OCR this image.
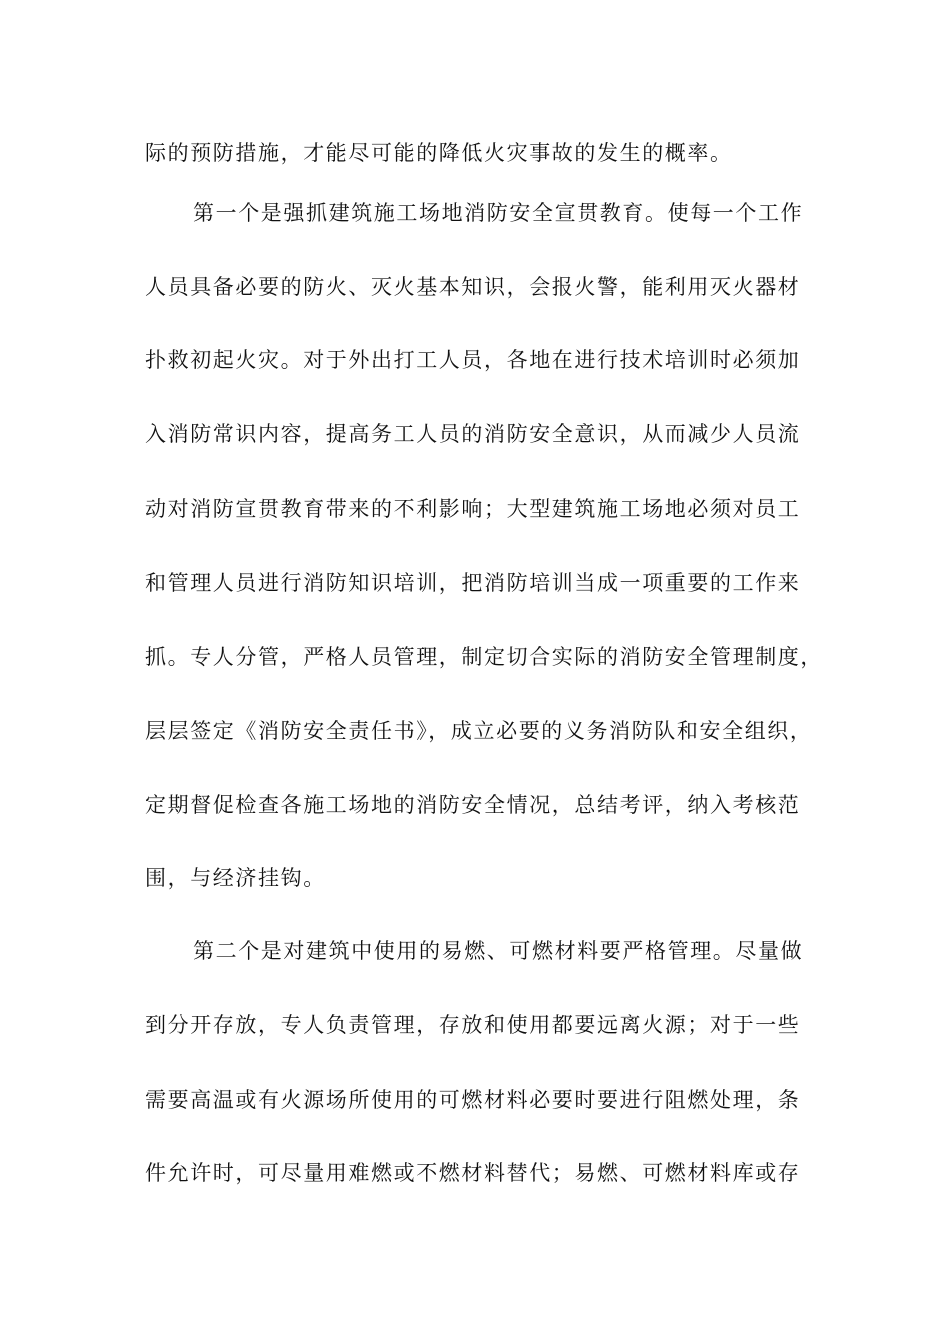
际的预防措施，才能尽可能的降低火灾事故的发生的概率。
第一个是强抓建筑施工场地消防安全宣贯教育。使每一个工作
人员具备必要的防火、灭火基本知识，会报火警，能利用灭火器材
扑救初起火灾。对于外出打工人员，各地在进行技术培训时必须加
入消防常识内容，提高务工人员的消防安全意识，从而减少人员流
动对消防宣贯教育带来的不利影响；大型建筑施工场地必须对员工
和管理人员进行消防知识培训，把消防培训当成一项重要的工作来
抓。专人分管，严格人员管理，制定切合实际的消防安全管理制度，
层层签定《消防安全责任书》，成立必要的义务消防队和安全组织，
定期督促检查各施工场地的消防安全情况，总结考评，纳入考核范
围，与经济挂钩。
第二个是对建筑中使用的易燃、可燃材料要严格管理。尽量做
到分开存放，专人负责管理，存放和使用都要远离火源；对于一些
需要高温或有火源场所使用的可燃材料必要时要进行阻燃处理，条
件允许时，可尽量用难燃或不燃材料替代；易燃、可燃材料库或存
